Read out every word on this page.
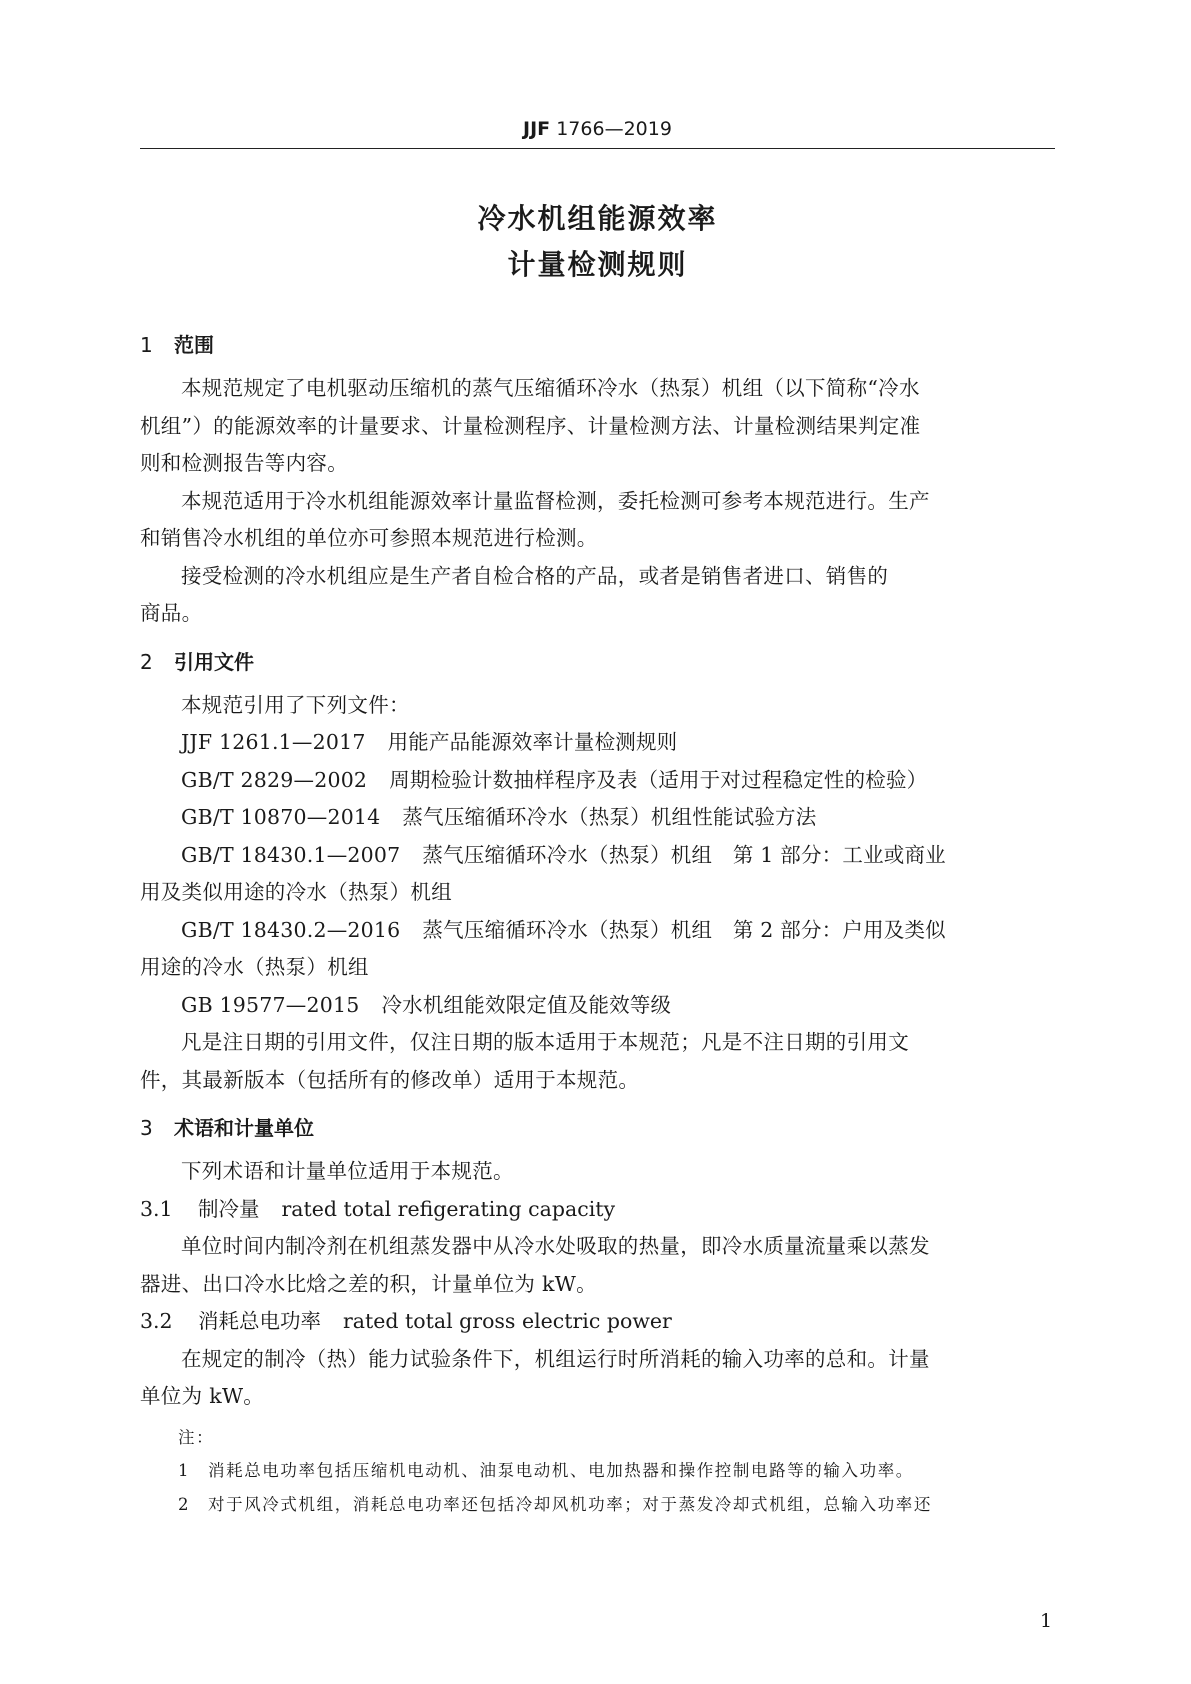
JJF 1766—2019
冷水机组能源效率
计量检测规则
1 范围

本规范规定了电机驱动压缩机的蒸气压缩循环冷水（热泵）机组（以下简称“冷水

机组”）的能源效率的计量要求、计量检测程序、计量检测方法、计量检测结果判定准

则和检测报告等内容。

本规范适用于冷水机组能源效率计量监督检测，委托检测可参考本规范进行。生产

和销售冷水机组的单位亦可参照本规范进行检测。

接受检测的冷水机组应是生产者自检合格的产品，或者是销售者进口、销售的

商品。

2 引用文件

本规范引用了下列文件：

JJF 1261.1—2017 用能产品能源效率计量检测规则

GB/T 2829—2002 周期检验计数抽样程序及表（适用于对过程稳定性的检验）

GB/T 10870—2014 蒸气压缩循环冷水（热泵）机组性能试验方法

GB/T 18430.1—2007 蒸气压缩循环冷水（热泵）机组　第 1 部分：工业或商业

用及类似用途的冷水（热泵）机组

GB/T 18430.2—2016 蒸气压缩循环冷水（热泵）机组　第 2 部分：户用及类似

用途的冷水（热泵）机组

GB 19577—2015 冷水机组能效限定值及能效等级

凡是注日期的引用文件，仅注日期的版本适用于本规范；凡是不注日期的引用文

件，其最新版本（包括所有的修改单）适用于本规范。

3 术语和计量单位

下列术语和计量单位适用于本规范。

3.1 制冷量 rated total refigerating capacity

单位时间内制冷剂在机组蒸发器中从冷水处吸取的热量，即冷水质量流量乘以蒸发

器进、出口冷水比焓之差的积，计量单位为 kW。

3.2 消耗总电功率 rated total gross electric power

在规定的制冷（热）能力试验条件下，机组运行时所消耗的输入功率的总和。计量

单位为 kW。

注：

1 消耗总电功率包括压缩机电动机、油泵电动机、电加热器和操作控制电路等的输入功率。

2 对于风冷式机组，消耗总电功率还包括冷却风机功率；对于蒸发冷却式机组，总输入功率还

1
